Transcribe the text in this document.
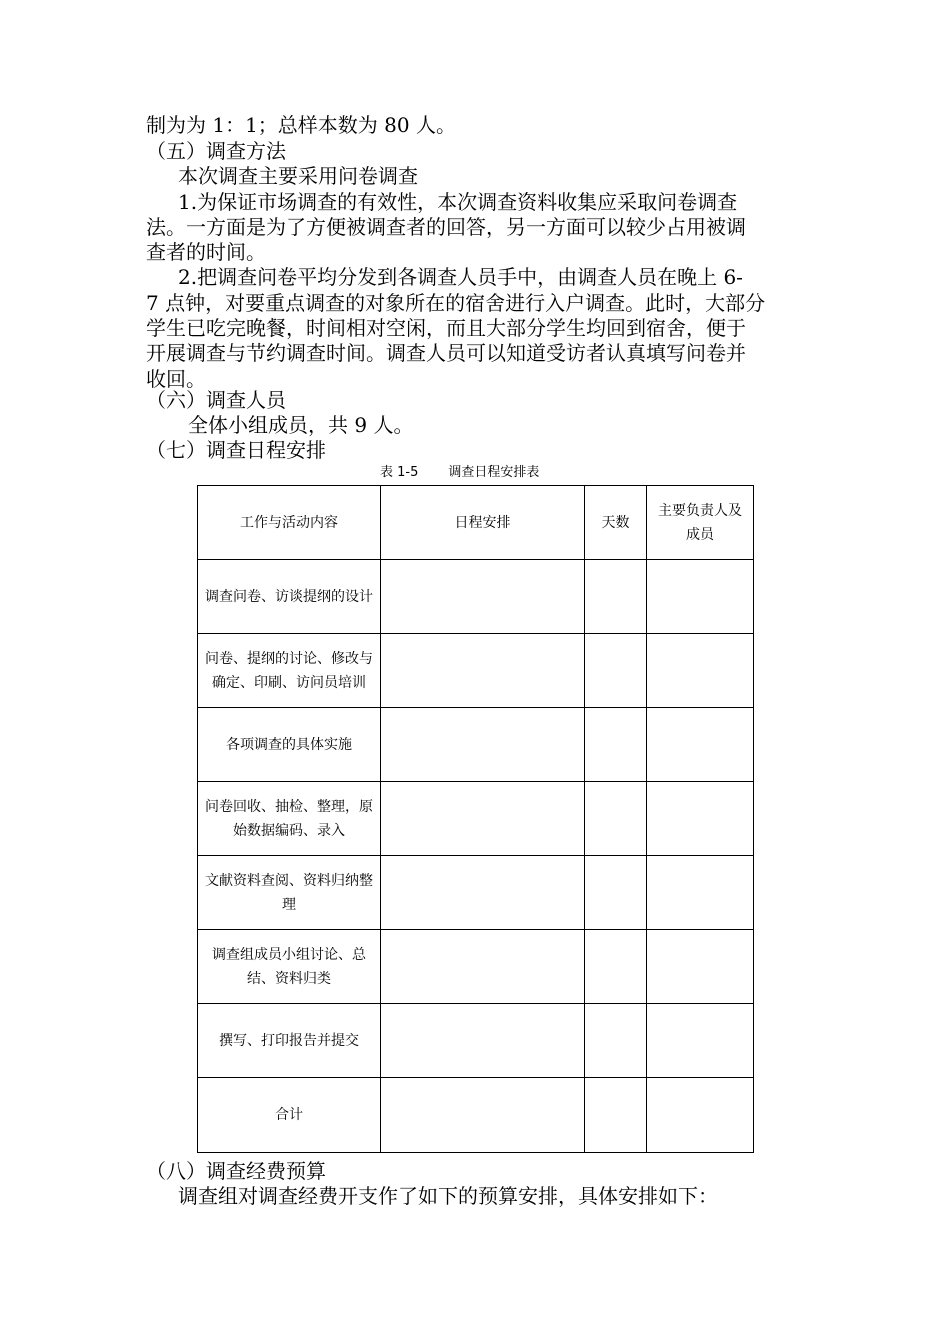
制为为 1：1；总样本数为 80 人。
（五）调查方法
本次调查主要采用问卷调查
1.为保证市场调查的有效性，本次调查资料收集应采取问卷调查
法。一方面是为了方便被调查者的回答，另一方面可以较少占用被调
查者的时间。
2.把调查问卷平均分发到各调查人员手中，由调查人员在晚上 6-
7 点钟，对要重点调查的对象所在的宿舍进行入户调查。此时，大部分
学生已吃完晚餐，时间相对空闲，而且大部分学生均回到宿舍，便于
开展调查与节约调查时间。调查人员可以知道受访者认真填写问卷并
收回。
（六）调查人员
全体小组成员，共 9 人。
（七）调查日程安排
表 1-5 调查日程安排表
工作与活动内容	日程安排	天数	主要负责人及成员
调查问卷、访谈提纲的设计			
问卷、提纲的讨论、修改与确定、印刷、访问员培训			
各项调查的具体实施			
问卷回收、抽检、整理，原始数据编码、录入			
文献资料查阅、资料归纳整理			
调查组成员小组讨论、总结、资料归类			
撰写、打印报告并提交			
合计			
（八）调查经费预算
调查组对调查经费开支作了如下的预算安排，具体安排如下：
